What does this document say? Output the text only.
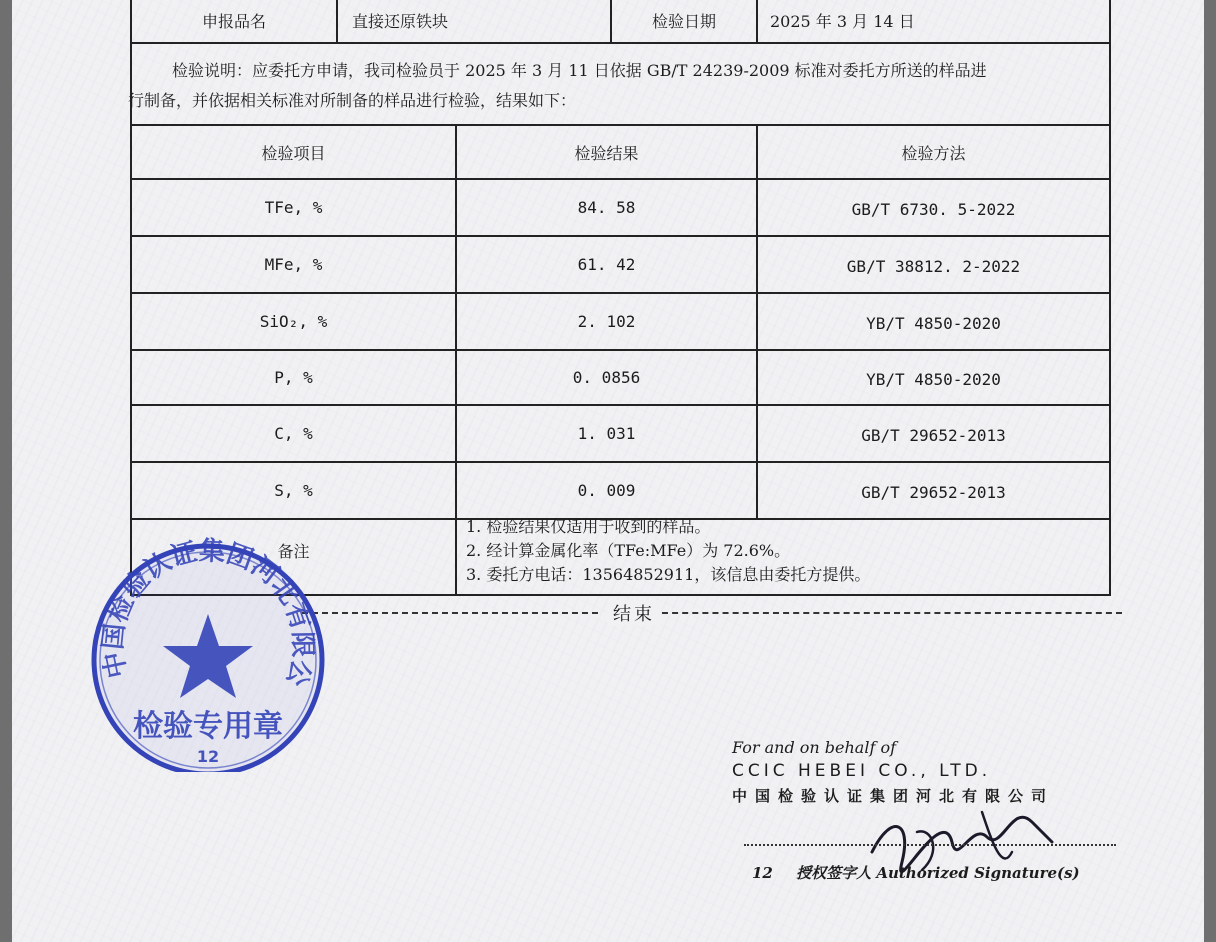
申报品名	直接还原铁块	检验日期	2025 年 3 月 14 日
检验说明：应委托方申请，我司检验员于 2025 年 3 月 11 日依据 GB/T 24239-2009 标准对委托方所送的样品进
行制备，并依据相关标准对所制备的样品进行检验，结果如下：
检验项目	检验结果	检验方法
TFe, %	84. 58	GB/T 6730. 5-2022
MFe, %	61. 42	GB/T 38812. 2-2022
SiO₂, %	2. 102	YB/T 4850-2020
P, %	0. 0856	YB/T 4850-2020
C, %	1. 031	GB/T 29652-2013
S, %	0. 009	GB/T 29652-2013
备注
1. 检验结果仅适用于收到的样品。
2. 经计算金属化率（TFe:MFe）为 72.6%。
3. 委托方电话：13564852911，该信息由委托方提供。
结束
中国检验认证集团河北有限公
检验专用章
12	For and on behalf of
CCIC HEBEI CO., LTD.
中国检验认证集团河北有限公司
12 授权签字人 Authorized Signature(s)
